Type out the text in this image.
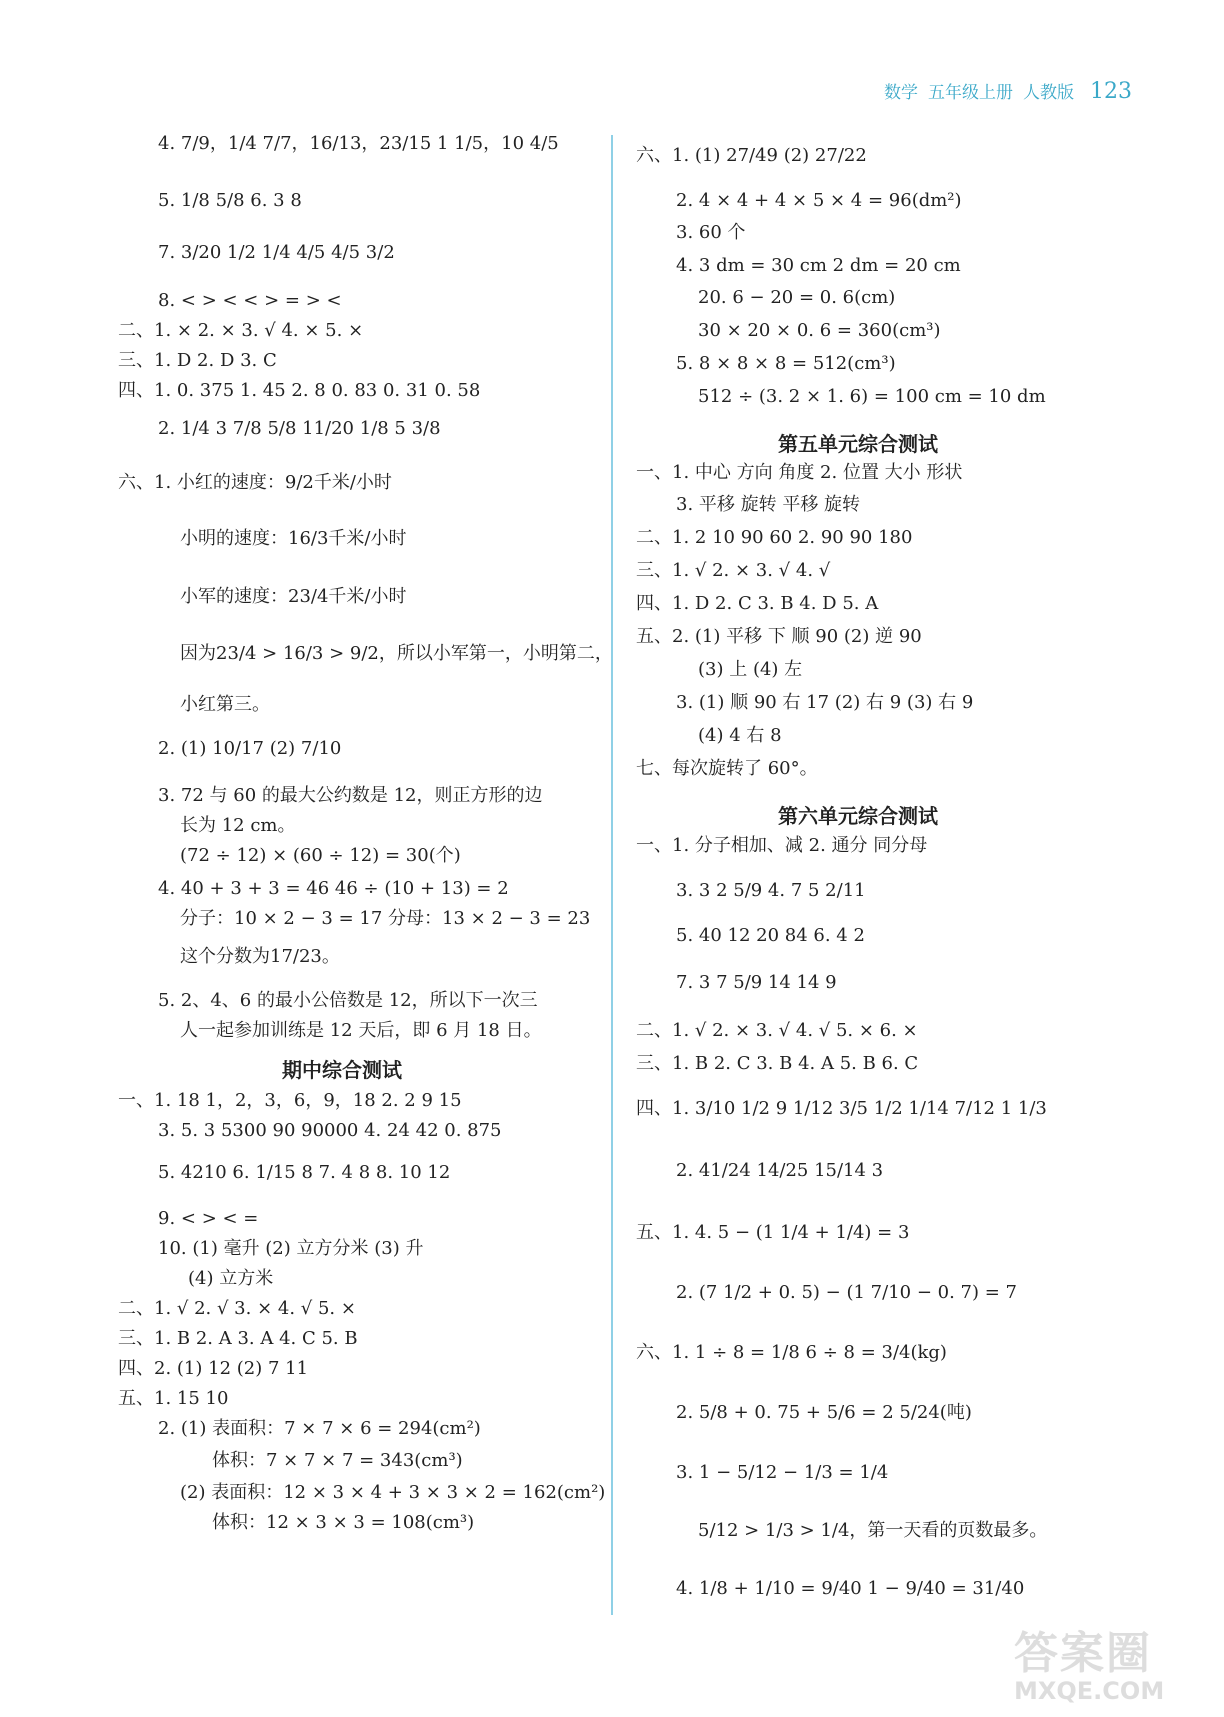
数学 五年级上册 人教版 123
4. 7/9，1/4 7/7，16/13，23/15 1 1/5，10 4/5
5. 1/8 5/8 6. 3 8
7. 3/20 1/2 1/4 4/5 4/5 3/2
8. < > < < > = > <
二、1. × 2. × 3. √ 4. × 5. ×
三、1. D 2. D 3. C
四、1. 0. 375 1. 45 2. 8 0. 83 0. 31 0. 58
2. 1/4 3 7/8 5/8 11/20 1/8 5 3/8
六、1. 小红的速度：9/2千米/小时
小明的速度：16/3千米/小时
小军的速度：23/4千米/小时
因为23/4 > 16/3 > 9/2，所以小军第一，小明第二，
小红第三。
2. (1) 10/17 (2) 7/10
3. 72 与 60 的最大公约数是 12，则正方形的边
长为 12 cm。
(72 ÷ 12) × (60 ÷ 12) = 30(个)
4. 40 + 3 + 3 = 46 46 ÷ (10 + 13) = 2
分子：10 × 2 − 3 = 17 分母：13 × 2 − 3 = 23
这个分数为17/23。
5. 2、4、6 的最小公倍数是 12，所以下一次三
人一起参加训练是 12 天后，即 6 月 18 日。
一、1. 18 1，2，3，6，9，18 2. 2 9 15
3. 5. 3 5300 90 90000 4. 24 42 0. 875
5. 4210 6. 1/15 8 7. 4 8 8. 10 12
9. < > < =
10. (1) 毫升 (2) 立方分米 (3) 升
(4) 立方米
二、1. √ 2. √ 3. × 4. √ 5. ×
三、1. B 2. A 3. A 4. C 5. B
四、2. (1) 12 (2) 7 11
五、1. 15 10
2. (1) 表面积：7 × 7 × 6 = 294(cm²)
体积：7 × 7 × 7 = 343(cm³)
(2) 表面积：12 × 3 × 4 + 3 × 3 × 2 = 162(cm²)
体积：12 × 3 × 3 = 108(cm³)
期中综合测试
六、1. (1) 27/49 (2) 27/22
2. 4 × 4 + 4 × 5 × 4 = 96(dm²)
3. 60 个
4. 3 dm = 30 cm 2 dm = 20 cm
20. 6 − 20 = 0. 6(cm)
30 × 20 × 0. 6 = 360(cm³)
5. 8 × 8 × 8 = 512(cm³)
512 ÷ (3. 2 × 1. 6) = 100 cm = 10 dm
一、1. 中心 方向 角度 2. 位置 大小 形状
3. 平移 旋转 平移 旋转
二、1. 2 10 90 60 2. 90 90 180
三、1. √ 2. × 3. √ 4. √
四、1. D 2. C 3. B 4. D 5. A
五、2. (1) 平移 下 顺 90 (2) 逆 90
(3) 上 (4) 左
3. (1) 顺 90 右 17 (2) 右 9 (3) 右 9
(4) 4 右 8
七、每次旋转了 60°。
一、1. 分子相加、减 2. 通分 同分母
3. 3 2 5/9 4. 7 5 2/11
5. 40 12 20 84 6. 4 2
7. 3 7 5/9 14 14 9
二、1. √ 2. × 3. √ 4. √ 5. × 6. ×
三、1. B 2. C 3. B 4. A 5. B 6. C
四、1. 3/10 1/2 9 1/12 3/5 1/2 1/14 7/12 1 1/3
2. 41/24 14/25 15/14 3
五、1. 4. 5 − (1 1/4 + 1/4) = 3
2. (7 1/2 + 0. 5) − (1 7/10 − 0. 7) = 7
六、1. 1 ÷ 8 = 1/8 6 ÷ 8 = 3/4(kg)
2. 5/8 + 0. 75 + 5/6 = 2 5/24(吨)
3. 1 − 5/12 − 1/3 = 1/4
5/12 > 1/3 > 1/4，第一天看的页数最多。
4. 1/8 + 1/10 = 9/40 1 − 9/40 = 31/40
第五单元综合测试
第六单元综合测试
答案圈
MXQE.COM
